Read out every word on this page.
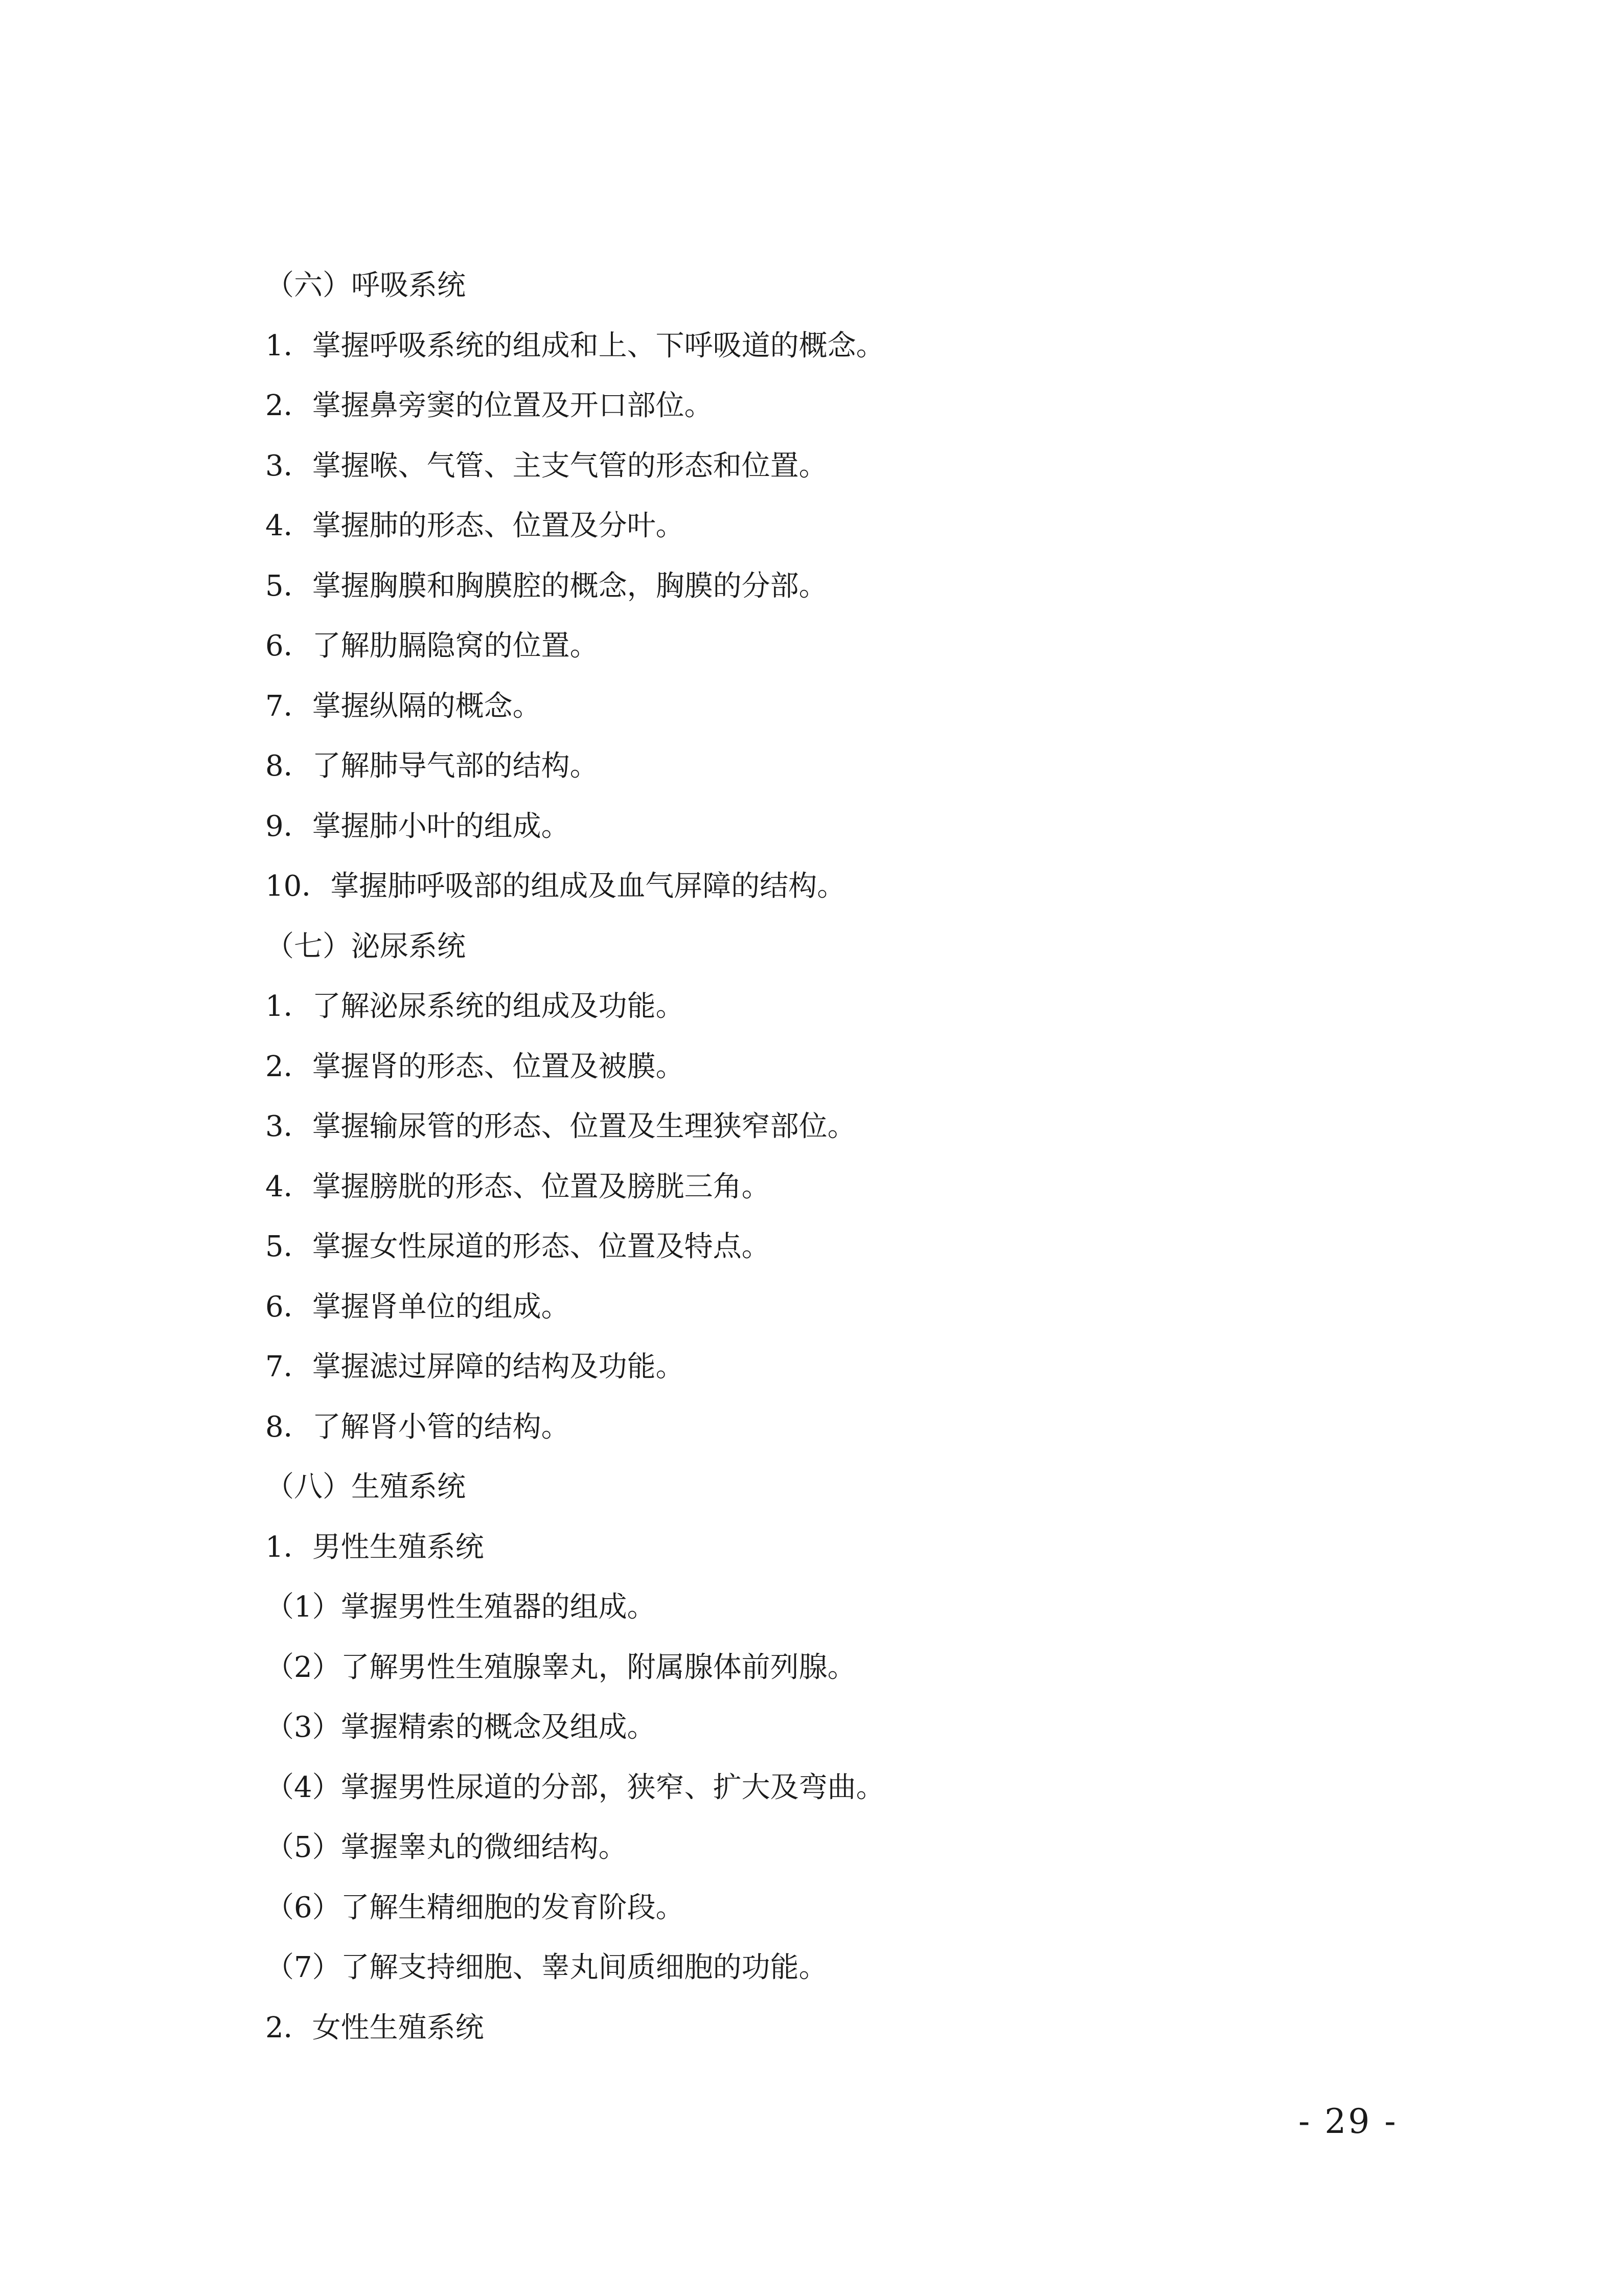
（六）呼吸系统
1．掌握呼吸系统的组成和上、下呼吸道的概念。
2．掌握鼻旁窦的位置及开口部位。
3．掌握喉、气管、主支气管的形态和位置。
4．掌握肺的形态、位置及分叶。
5．掌握胸膜和胸膜腔的概念，胸膜的分部。
6．了解肋膈隐窝的位置。
7．掌握纵隔的概念。
8．了解肺导气部的结构。
9．掌握肺小叶的组成。
10．掌握肺呼吸部的组成及血气屏障的结构。
（七）泌尿系统
1．了解泌尿系统的组成及功能。
2．掌握肾的形态、位置及被膜。
3．掌握输尿管的形态、位置及生理狭窄部位。
4．掌握膀胱的形态、位置及膀胱三角。
5．掌握女性尿道的形态、位置及特点。
6．掌握肾单位的组成。
7．掌握滤过屏障的结构及功能。
8．了解肾小管的结构。
（八）生殖系统
1．男性生殖系统
（1）掌握男性生殖器的组成。
（2）了解男性生殖腺睾丸，附属腺体前列腺。
（3）掌握精索的概念及组成。
（4）掌握男性尿道的分部，狭窄、扩大及弯曲。
（5）掌握睾丸的微细结构。
（6）了解生精细胞的发育阶段。
（7）了解支持细胞、睾丸间质细胞的功能。
2．女性生殖系统
- 29 -
